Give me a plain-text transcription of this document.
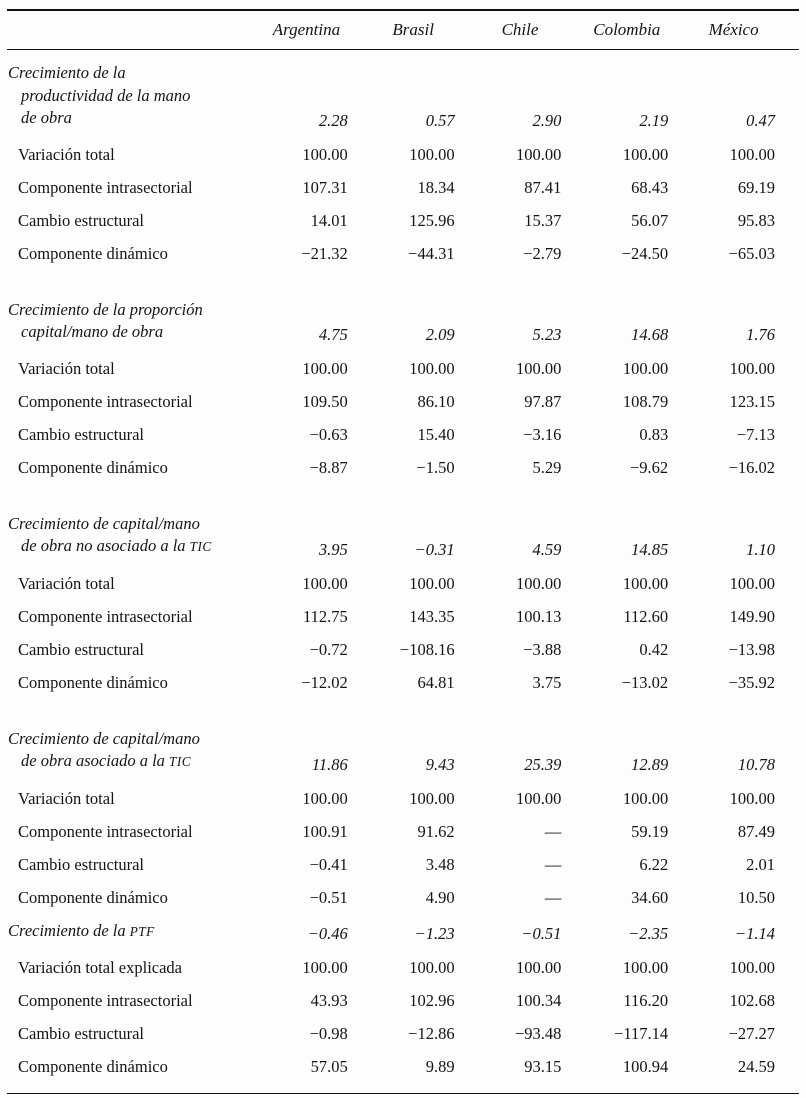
Argentina	Brasil	Chile	Colombia	México
Crecimiento de la
productividad de la mano
de obra	2.28	0.57	2.90	2.19	0.47
Variación total	100.00	100.00	100.00	100.00	100.00
Componente intrasectorial	107.31	18.34	87.41	68.43	69.19
Cambio estructural	14.01	125.96	15.37	56.07	95.83
Componente dinámico	−21.32	−44.31	−2.79	−24.50	−65.03
Crecimiento de la proporción
capital/mano de obra	4.75	2.09	5.23	14.68	1.76
Variación total	100.00	100.00	100.00	100.00	100.00
Componente intrasectorial	109.50	86.10	97.87	108.79	123.15
Cambio estructural	−0.63	15.40	−3.16	0.83	−7.13
Componente dinámico	−8.87	−1.50	5.29	−9.62	−16.02
Crecimiento de capital/mano
de obra no asociado a la TIC	3.95	−0.31	4.59	14.85	1.10
Variación total	100.00	100.00	100.00	100.00	100.00
Componente intrasectorial	112.75	143.35	100.13	112.60	149.90
Cambio estructural	−0.72	−108.16	−3.88	0.42	−13.98
Componente dinámico	−12.02	64.81	3.75	−13.02	−35.92
Crecimiento de capital/mano
de obra asociado a la TIC	11.86	9.43	25.39	12.89	10.78
Variación total	100.00	100.00	100.00	100.00	100.00
Componente intrasectorial	100.91	91.62	—	59.19	87.49
Cambio estructural	−0.41	3.48	—	6.22	2.01
Componente dinámico	−0.51	4.90	—	34.60	10.50
Crecimiento de la PTF	−0.46	−1.23	−0.51	−2.35	−1.14
Variación total explicada	100.00	100.00	100.00	100.00	100.00
Componente intrasectorial	43.93	102.96	100.34	116.20	102.68
Cambio estructural	−0.98	−12.86	−93.48	−117.14	−27.27
Componente dinámico	57.05	9.89	93.15	100.94	24.59
